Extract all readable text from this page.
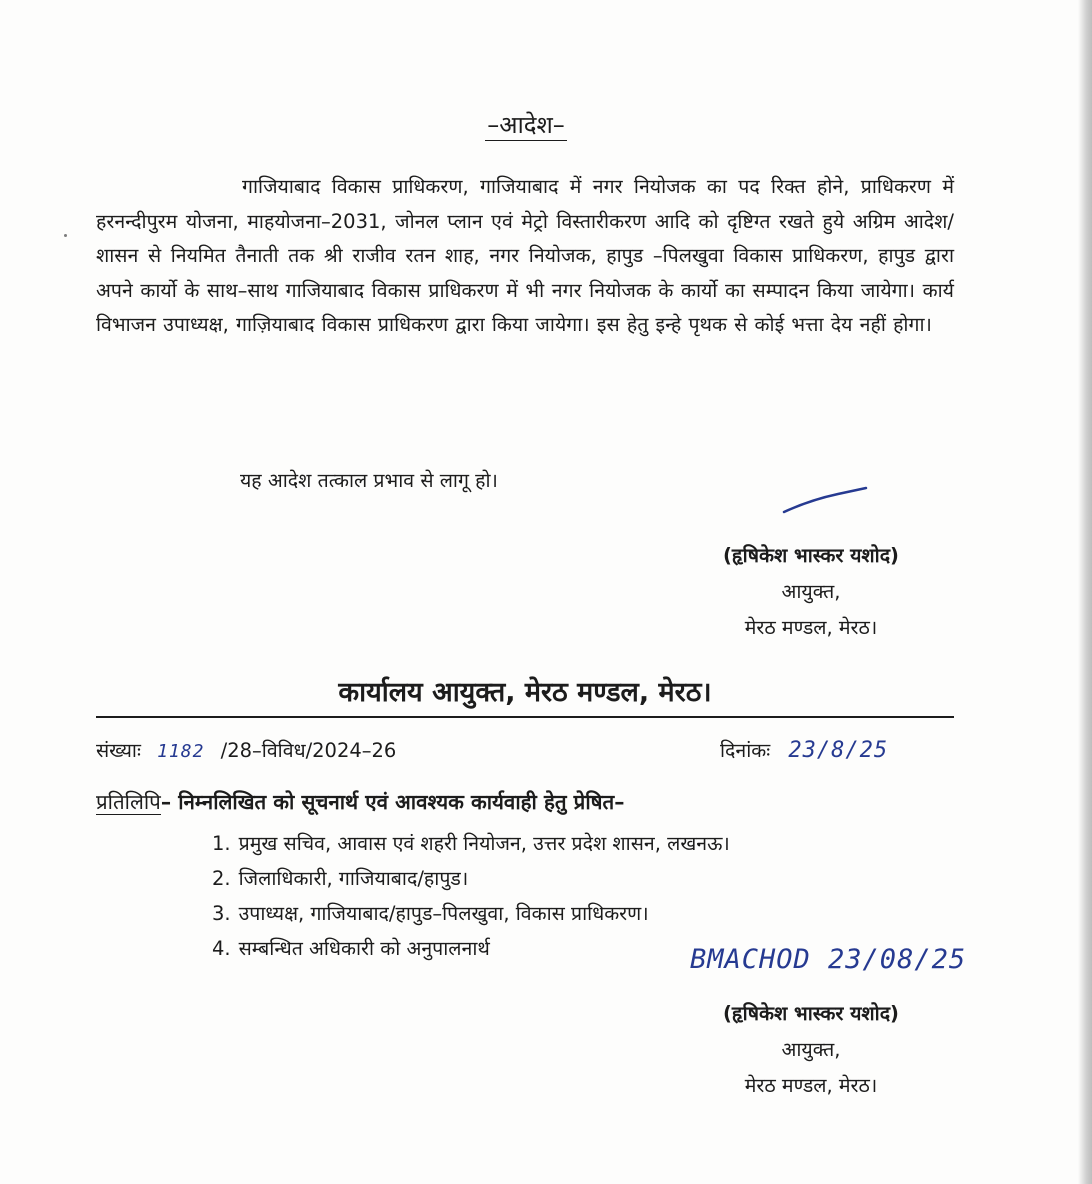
–आदेश–

गाजियाबाद विकास प्राधिकरण, गाजियाबाद में नगर नियोजक का पद रिक्त होने, प्राधिकरण में हरनन्दीपुरम योजना, माहयोजना–2031, जोनल प्लान एवं मेट्रो विस्तारीकरण आदि को दृष्टिग्त रखते हुये अग्रिम आदेश/शासन से नियमित तैनाती तक श्री राजीव रतन शाह, नगर नियोजक, हापुड –पिलखुवा विकास प्राधिकरण, हापुड द्वारा अपने कार्यो के साथ–साथ गाजियाबाद विकास प्राधिकरण में भी नगर नियोजक के कार्यो का सम्पादन किया जायेगा। कार्य विभाजन उपाध्यक्ष, गाज़ियाबाद विकास प्राधिकरण द्वारा किया जायेगा। इस हेतु इन्हे पृथक से कोई भत्ता देय नहीं होगा।

यह आदेश तत्काल प्रभाव से लागू हो।
(हृषिकेश भास्कर यशोद)
आयुक्त,
मेरठ मण्डल, मेरठ।
कार्यालय आयुक्त, मेरठ मण्डल, मेरठ।
संख्याः 1182 /28–विविध/2024–26	दिनांकः 23/8/25
प्रतिलिपि– निम्नलिखित को सूचनार्थ एवं आवश्यक कार्यवाही हेतु प्रेषित–
1. प्रमुख सचिव, आवास एवं शहरी नियोजन, उत्तर प्रदेश शासन, लखनऊ।
2. जिलाधिकारी, गाजियाबाद/हापुड।
3. उपाध्यक्ष, गाजियाबाद/हापुड–पिलखुवा, विकास प्राधिकरण।
4. सम्बन्धित अधिकारी को अनुपालनार्थ	BMACHOD 23/08/25
(हृषिकेश भास्कर यशोद)
आयुक्त,
मेरठ मण्डल, मेरठ।
